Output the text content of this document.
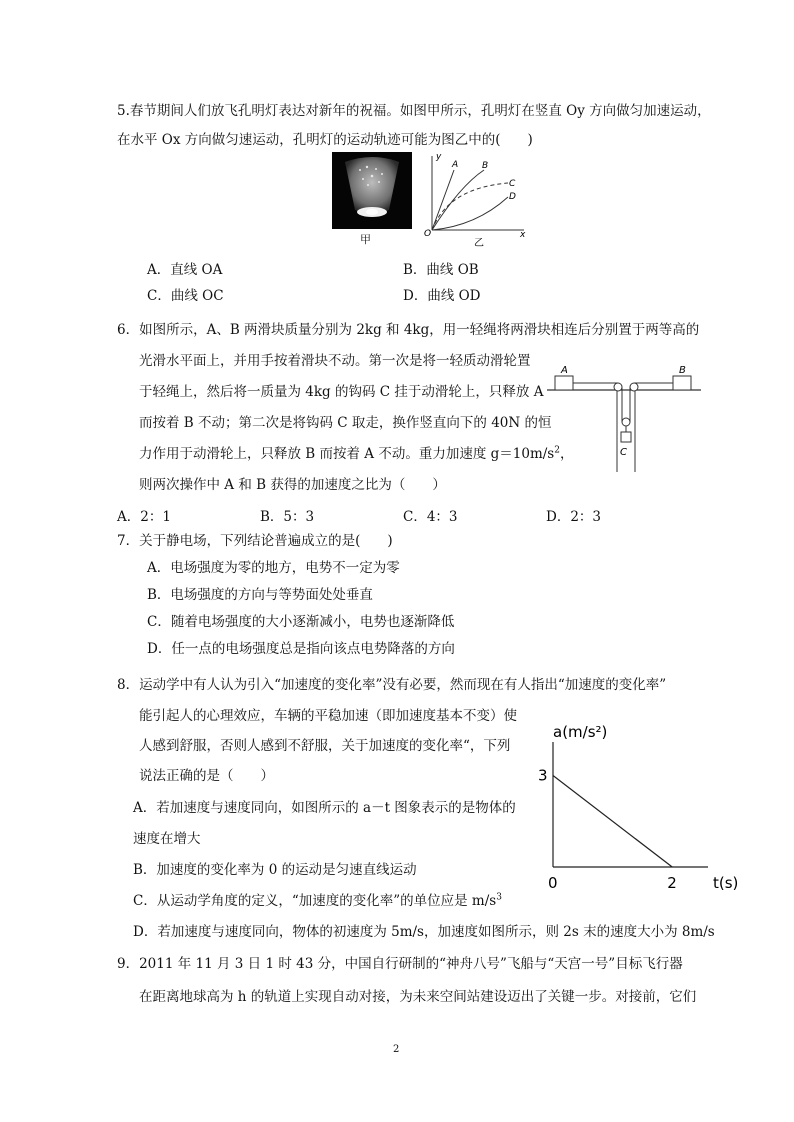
5.春节期间人们放飞孔明灯表达对新年的祝福。如图甲所示，孔明灯在竖直 Oy 方向做匀加速运动，
在水平 Ox 方向做匀速运动，孔明灯的运动轨迹可能为图乙中的(　　)
甲
y
x
O
A	B
C
D
乙
A．直线 OA	B．曲线 OB
C．曲线 OC	D．曲线 OD
6．如图所示，A、B 两滑块质量分别为 2kg 和 4kg，用一轻绳将两滑块相连后分别置于两等高的
光滑水平面上，并用手按着滑块不动。第一次是将一轻质动滑轮置
于轻绳上，然后将一质量为 4kg 的钩码 C 挂于动滑轮上，只释放 A
而按着 B 不动；第二次是将钩码 C 取走，换作竖直向下的 40N 的恒
力作用于动滑轮上，只释放 B 而按着 A 不动。重力加速度 $g=10m/s^2$，
则两次操作中 A 和 B 获得的加速度之比为（　　）
A	B
C
A．2：1	B．5：3	C．4：3	D．2：3
7．关于静电场，下列结论普遍成立的是(　　)
A．电场强度为零的地方，电势不一定为零
B．电场强度的方向与等势面处处垂直
C．随着电场强度的大小逐渐减小，电势也逐渐降低
D．任一点的电场强度总是指向该点电势降落的方向
8．运动学中有人认为引入“加速度的变化率”没有必要，然而现在有人指出“加速度的变化率”
能引起人的心理效应，车辆的平稳加速（即加速度基本不变）使
人感到舒服，否则人感到不舒服，关于加速度的变化率“，下列
说法正确的是（　　）
A．若加速度与速度同向，如图所示的 a－t 图象表示的是物体的
速度在增大
B．加速度的变化率为 0 的运动是匀速直线运动
C．从运动学角度的定义，“加速度的变化率”的单位应是 $m/s^3$
D．若加速度与速度同向，物体的初速度为 5m/s，加速度如图所示，则 2s 末的速度大小为 8m/s
a(m/s²)
t(s)
0	2
3
9．2011 年 11 月 3 日 1 时 43 分，中国自行研制的“神舟八号”飞船与“天宫一号”目标飞行器
在距离地球高为 h 的轨道上实现自动对接，为未来空间站建设迈出了关键一步。对接前，它们
2
